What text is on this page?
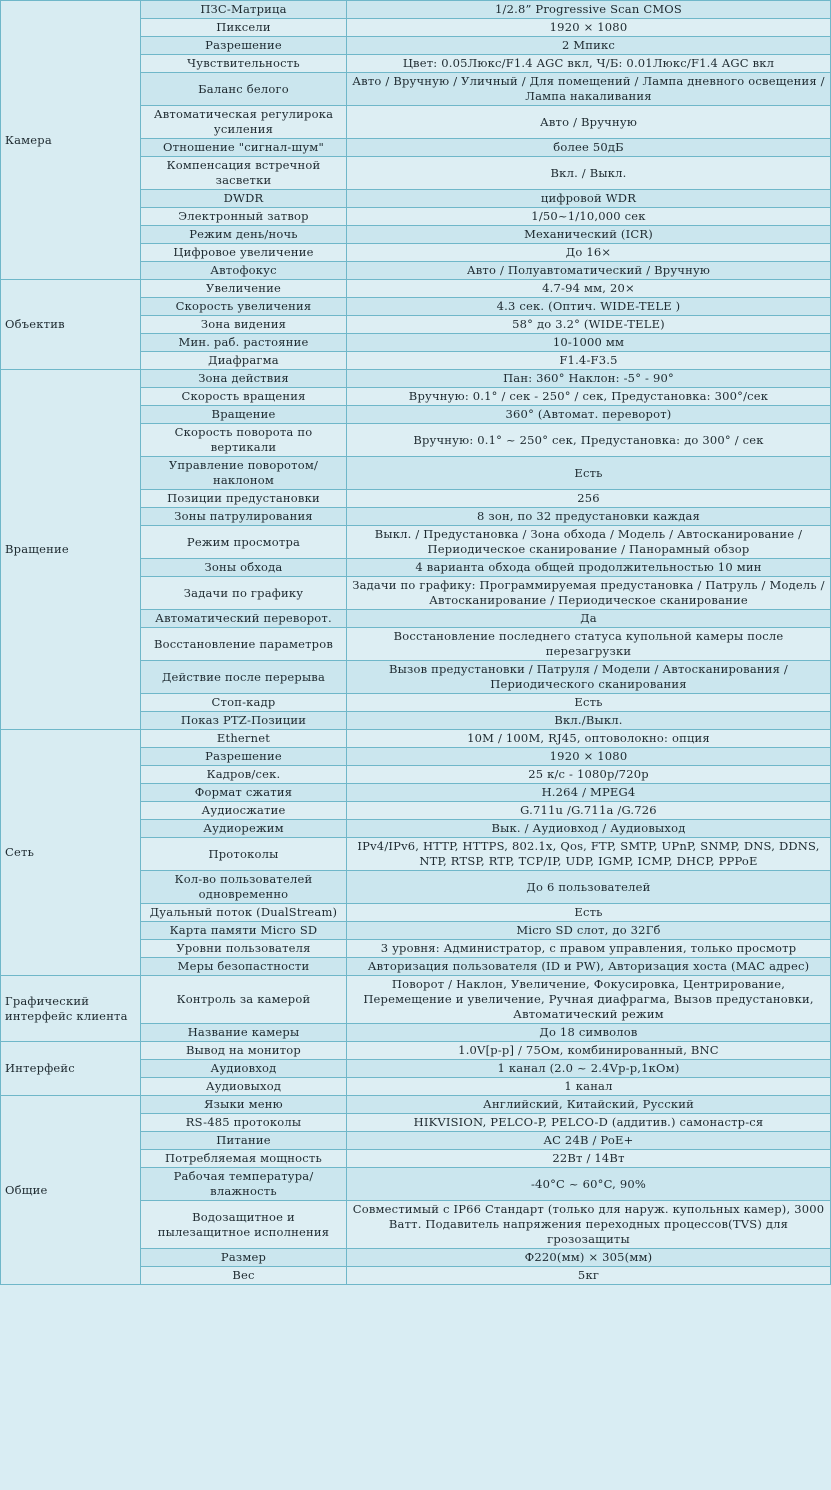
Камера	ПЗС-Матрица	1/2.8” Progressive Scan CMOS
	Пиксели	1920 × 1080
	Разрешение	2 Мпикс
	Чувствительность	Цвет: 0.05Люкс/F1.4 AGC вкл, Ч/Б: 0.01Люкс/F1.4 AGC вкл
	Баланс белого	Авто / Вручную / Уличный / Для помещений / Лампа дневного освещения / Лампа накаливания
	Автоматическая регулирока усиления	Авто / Вручную
	Отношение "сигнал-шум"	более 50дБ
	Компенсация встречной засветки	Вкл. / Выкл.
	DWDR	цифровой WDR
	Электронный затвор	1/50~1/10,000 сек
	Режим день/ночь	Механический (ICR)
	Цифровое увеличение	До 16×
	Автофокус	Авто / Полуавтоматический / Вручную
Объектив	Увеличение	4.7-94 мм, 20×
	Скорость увеличения	4.3 сек. (Оптич. WIDE-TELE )
	Зона видения	58° до 3.2° (WIDE-TELE)
	Мин. раб. растояние	10-1000 мм
	Диафрагма	F1.4-F3.5
Вращение	Зона действия	Пан: 360° Наклон: -5° - 90°
	Скорость вращения	Вручную: 0.1° / сек - 250° / сек, Предустановка: 300°/сек
	Вращение	360° (Автомат. переворот)
	Скорость поворота по вертикали	Вручную: 0.1° ~ 250° сек, Предустановка: до 300° / сек
	Управление поворотом/наклоном	Есть
	Позиции предустановки	256
	Зоны патрулирования	8 зон, по 32 предустановки каждая
	Режим просмотра	Выкл. / Предустановка / Зона обхода / Модель / Автосканирование / Периодическое сканирование / Панорамный обзор
	Зоны обхода	4 варианта обхода общей продолжительностью 10 мин
	Задачи по графику	Задачи по графику: Программируемая предустановка / Патруль / Модель / Автосканирование / Периодическое сканирование
	Автоматический переворот.	Да
	Восстановление параметров	Восстановление последнего статуса купольной камеры после перезагрузки
	Действие после перерыва	Вызов предустановки / Патруля / Модели / Автосканирования / Периодического сканирования
	Стоп-кадр	Есть
	Показ PTZ-Позиции	Вкл./Выкл.
Сеть	Ethernet	10M / 100M, RJ45, оптоволокно: опция
	Разрешение	1920 × 1080
	Кадров/сек.	25 к/с - 1080p/720p
	Формат сжатия	H.264 / MPEG4
	Аудиосжатие	G.711u /G.711a /G.726
	Аудиорежим	Вык. / Аудиовход / Аудиовыход
	Протоколы	IPv4/IPv6, HTTP, HTTPS, 802.1x, Qos, FTP, SMTP, UPnP, SNMP, DNS, DDNS, NTP, RTSP, RTP, TCP/IP, UDP, IGMP, ICMP, DHCP, PPPoE
	Кол-во пользователей одновременно	До 6 пользователей
	Дуальный поток (DualStream)	Есть
	Карта памяти Micro SD	Micro SD слот, до 32Гб
	Уровни пользователя	3 уровня: Администратор, с правом управления, только просмотр
	Меры безопастности	Авторизация пользователя (ID и PW), Авторизация хоста (MAC адрес)
Графический интерфейс клиента	Контроль за камерой	Поворот / Наклон, Увеличение, Фокусировка, Центрирование, Перемещение и увеличение, Ручная диафрагма, Вызов предустановки, Автоматический режим
	Название камеры	До 18 символов
Интерфейс	Вывод на монитор	1.0V[p-p] / 75Ом, комбинированный, BNC
	Аудиовход	1 канал (2.0 ~ 2.4Vp-p,1кОм)
	Аудиовыход	1 канал
Общие	Языки меню	Английский, Китайский, Русский
	RS-485 протоколы	HIKVISION, PELCO-P, PELCO-D (аддитив.) самонастр-ся
	Питание	AC 24В / PoE+
	Потребляемая мощность	22Вт / 14Вт
	Рабочая температура/влажность	-40°C ~ 60°C, 90%
	Водозащитное и пылезащитное исполнения	Совместимый с IP66 Стандарт (только для наруж. купольных камер), 3000 Ватт. Подавитель напряжения переходных процессов(TVS) для грозозащиты
	Размер	Ф220(мм) × 305(мм)
	Вес	5кг
